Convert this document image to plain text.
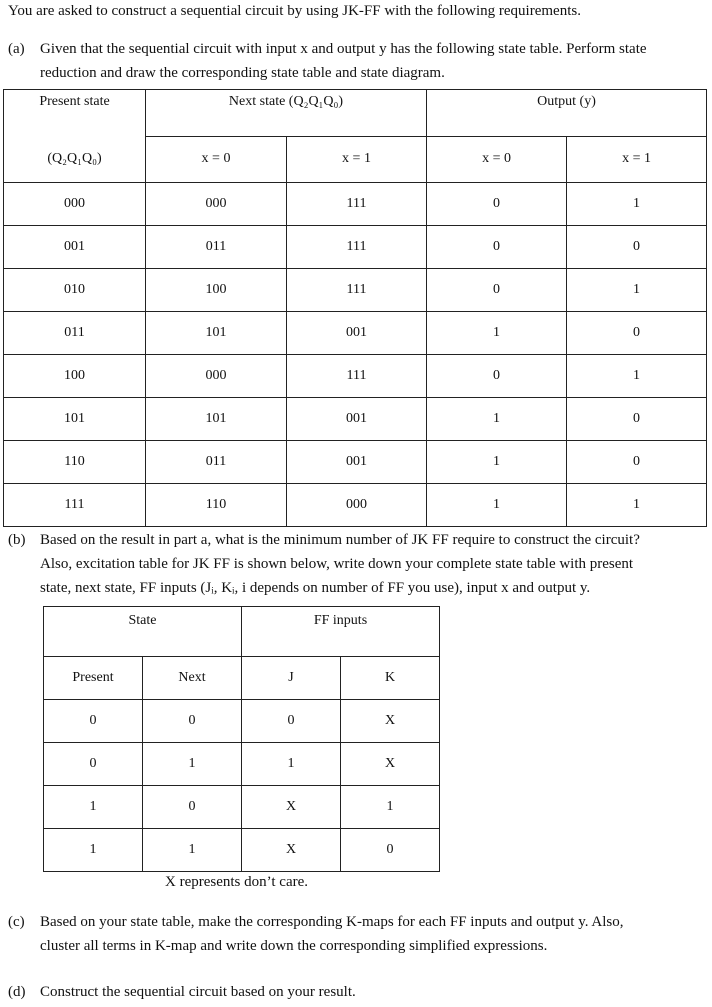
You are asked to construct a sequential circuit by using JK-FF with the following requirements.
(a) Given that the sequential circuit with input x and output y has the following state table. Perform state
reduction and draw the corresponding state table and state diagram.
Present state	Next state (Q₂Q₁Q₀)		Output (y)	
(Q₂Q₁Q₀)	x = 0	x = 1	x = 0	x = 1
000	000	111	0	1
001	011	111	0	0
010	100	111	0	1
011	101	001	1	0
100	000	111	0	1
101	101	001	1	0
110	011	001	1	0
111	110	000	1	1
(b) Based on the result in part a, what is the minimum number of JK FF require to construct the circuit?
Also, excitation table for JK FF is shown below, write down your complete state table with present
state, next state, FF inputs (Jᵢ, Kᵢ, i depends on number of FF you use), input x and output y.
State		FF inputs	
Present	Next	J	K
0	0	0	X
0	1	1	X
1	0	X	1
1	1	X	0
X represents don’t care.
(c) Based on your state table, make the corresponding K-maps for each FF inputs and output y. Also,
cluster all terms in K-map and write down the corresponding simplified expressions.
(d) Construct the sequential circuit based on your result.
